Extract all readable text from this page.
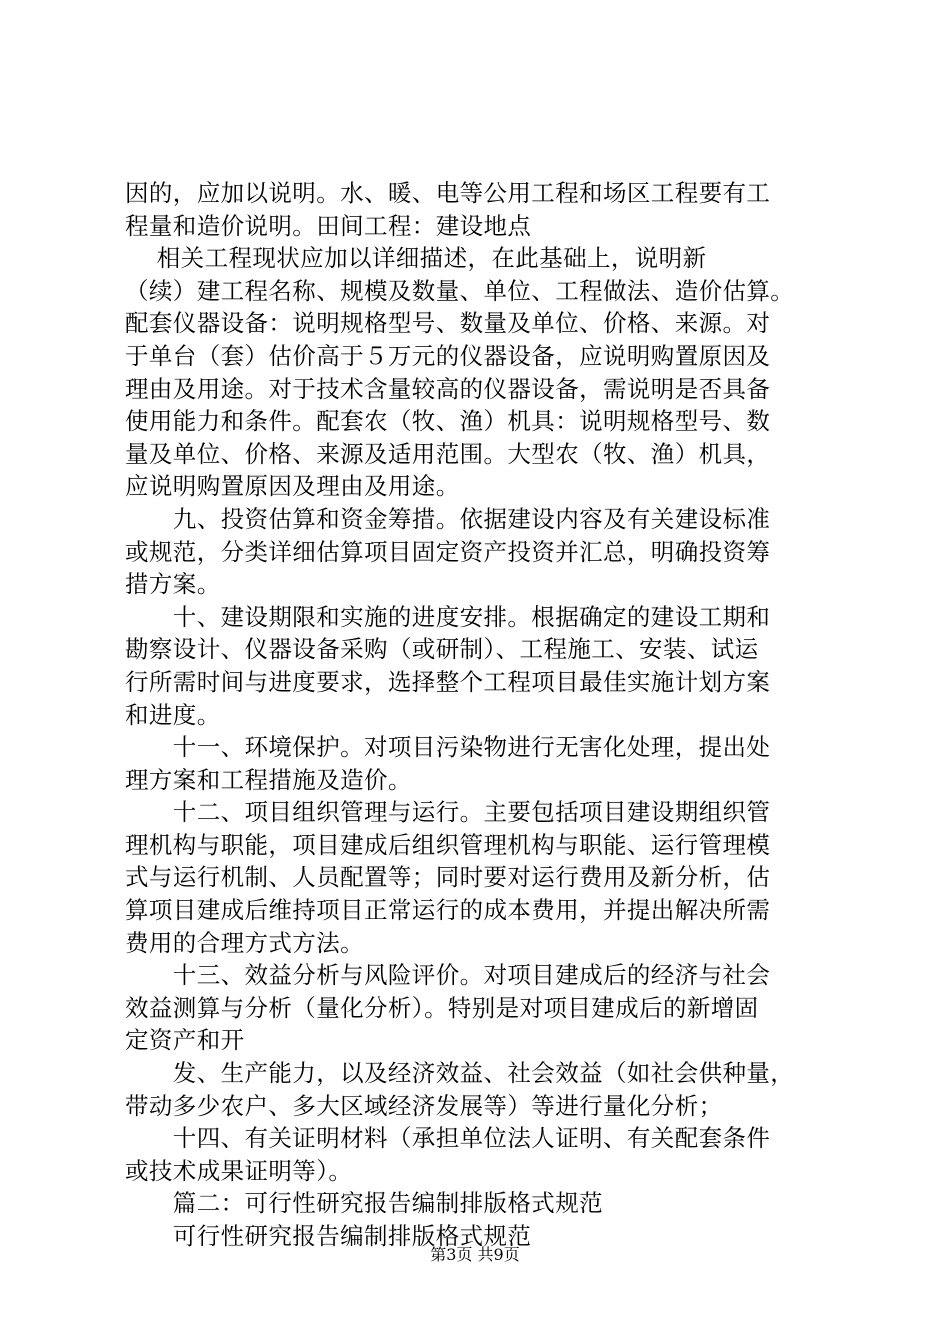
因的，应加以说明。水、暖、电等公用工程和场区工程要有工
程量和造价说明。田间工程：建设地点
　 相关工程现状应加以详细描述，在此基础上，说明新
（续）建工程名称、规模及数量、单位、工程做法、造价估算。
配套仪器设备：说明规格型号、数量及单位、价格、来源。对
于单台（套）估价高于５万元的仪器设备，应说明购置原因及
理由及用途。对于技术含量较高的仪器设备，需说明是否具备
使用能力和条件。配套农（牧、渔）机具：说明规格型号、数
量及单位、价格、来源及适用范围。大型农（牧、渔）机具，
应说明购置原因及理由及用途。
　　九、投资估算和资金筹措。依据建设内容及有关建设标准
或规范，分类详细估算项目固定资产投资并汇总，明确投资筹
措方案。
　　十、建设期限和实施的进度安排。根据确定的建设工期和
勘察设计、仪器设备采购（或研制）、工程施工、安装、试运
行所需时间与进度要求，选择整个工程项目最佳实施计划方案
和进度。
　　十一、环境保护。对项目污染物进行无害化处理，提出处
理方案和工程措施及造价。
　　十二、项目组织管理与运行。主要包括项目建设期组织管
理机构与职能，项目建成后组织管理机构与职能、运行管理模
式与运行机制、人员配置等；同时要对运行费用及新分析，估
算项目建成后维持项目正常运行的成本费用，并提出解决所需
费用的合理方式方法。
　　十三、效益分析与风险评价。对项目建成后的经济与社会
效益测算与分析（量化分析）。特别是对项目建成后的新增固
定资产和开
　　发、生产能力，以及经济效益、社会效益（如社会供种量，
带动多少农户、多大区域经济发展等）等进行量化分析；
　　十四、有关证明材料（承担单位法人证明、有关配套条件
或技术成果证明等）。
　　篇二：可行性研究报告编制排版格式规范
　　可行性研究报告编制排版格式规范
第3页 共9页
